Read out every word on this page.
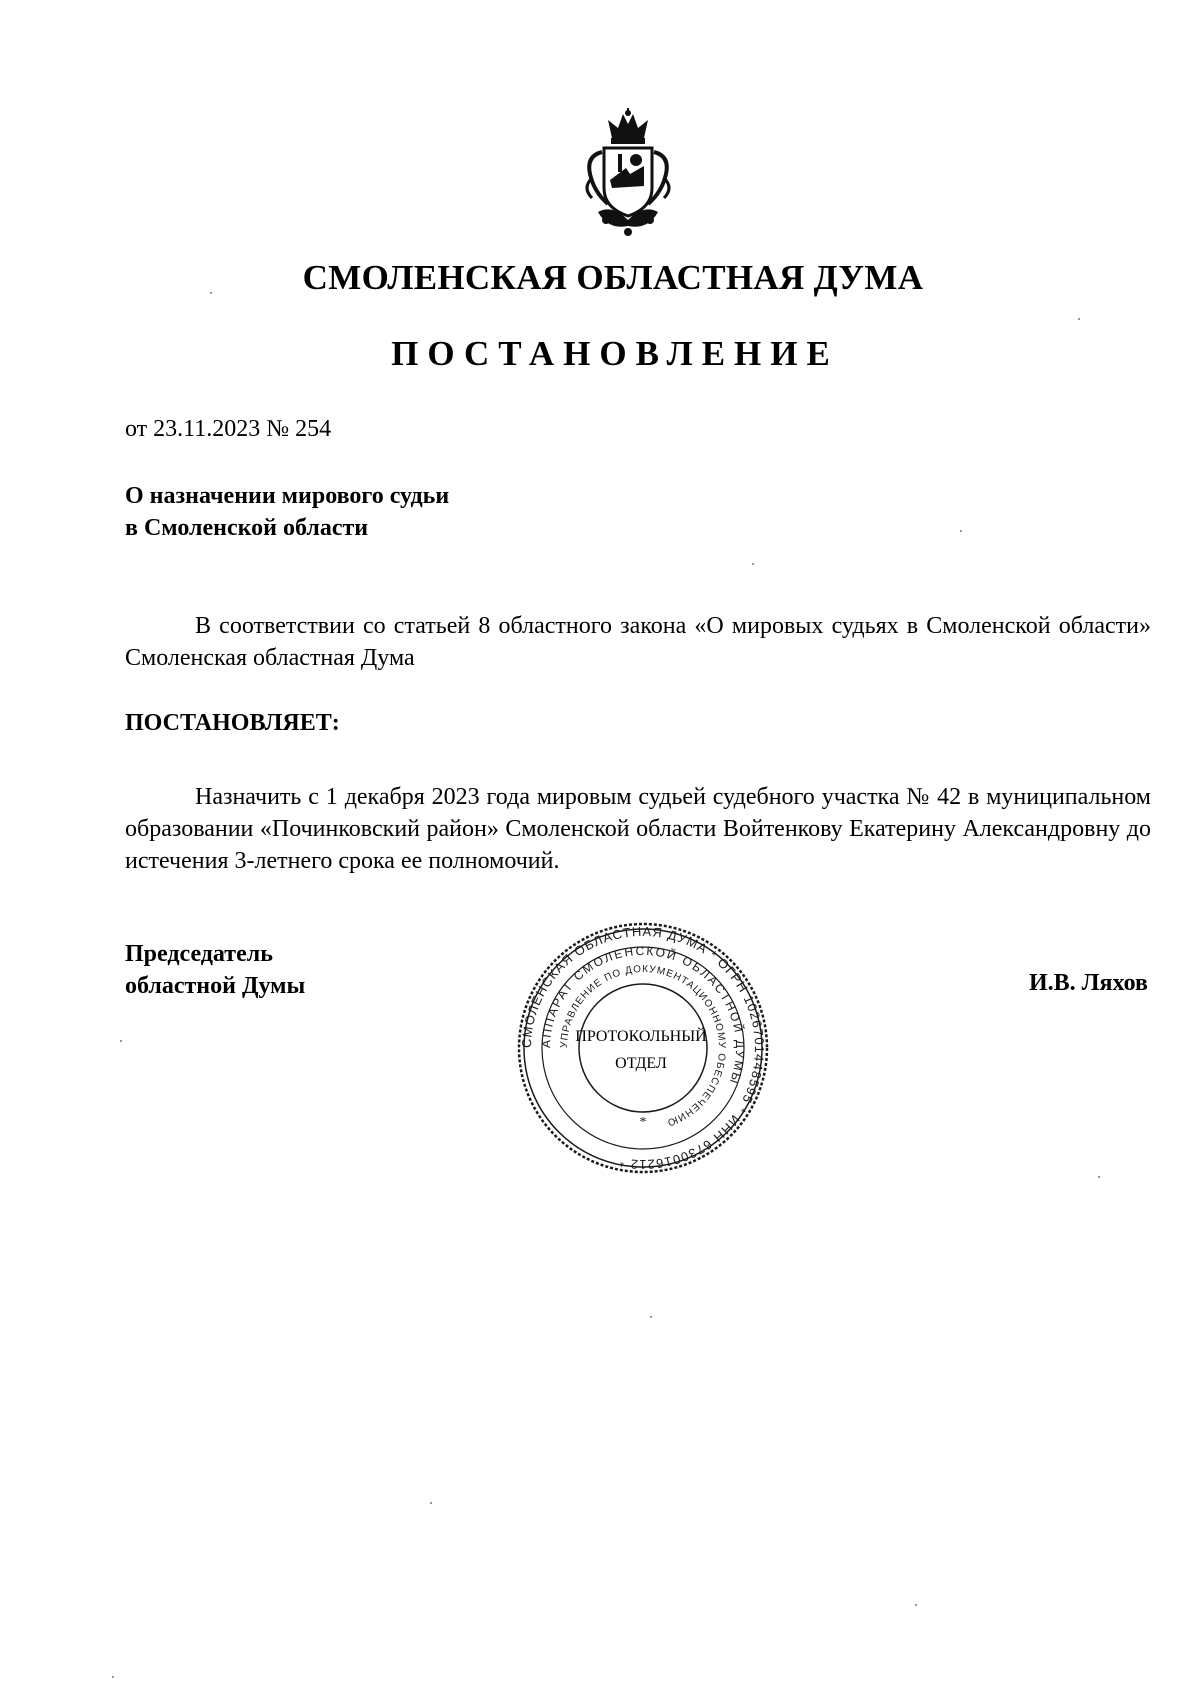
СМОЛЕНСКАЯ ОБЛАСТНАЯ ДУМА
ПОСТАНОВЛЕНИЕ
от 23.11.2023 № 254
О назначении мирового судьи
в Смоленской области
В соответствии со статьей 8 областного закона «О мировых судьях в Смоленской области» Смоленская областная Дума
ПОСТАНОВЛЯЕТ:
Назначить с 1 декабря 2023 года мировым судьей судебного участка № 42 в муниципальном образовании «Починковский район» Смоленской области Войтенкову Екатерину Александровну до истечения 3-летнего срока ее полномочий.
Председатель
областной Думы	И.В. Ляхов
СМОЛЕНСКАЯ ОБЛАСТНАЯ ДУМА * ОГРН 1026701448595 * ИНН 6730016212 *
АППАРАТ СМОЛЕНСКОЙ ОБЛАСТНОЙ ДУМЫ
УПРАВЛЕНИЕ ПО ДОКУМЕНТАЦИОННОМУ ОБЕСПЕЧЕНИЮ
*
ПРОТОКОЛЬНЫЙ
ОТДЕЛ
